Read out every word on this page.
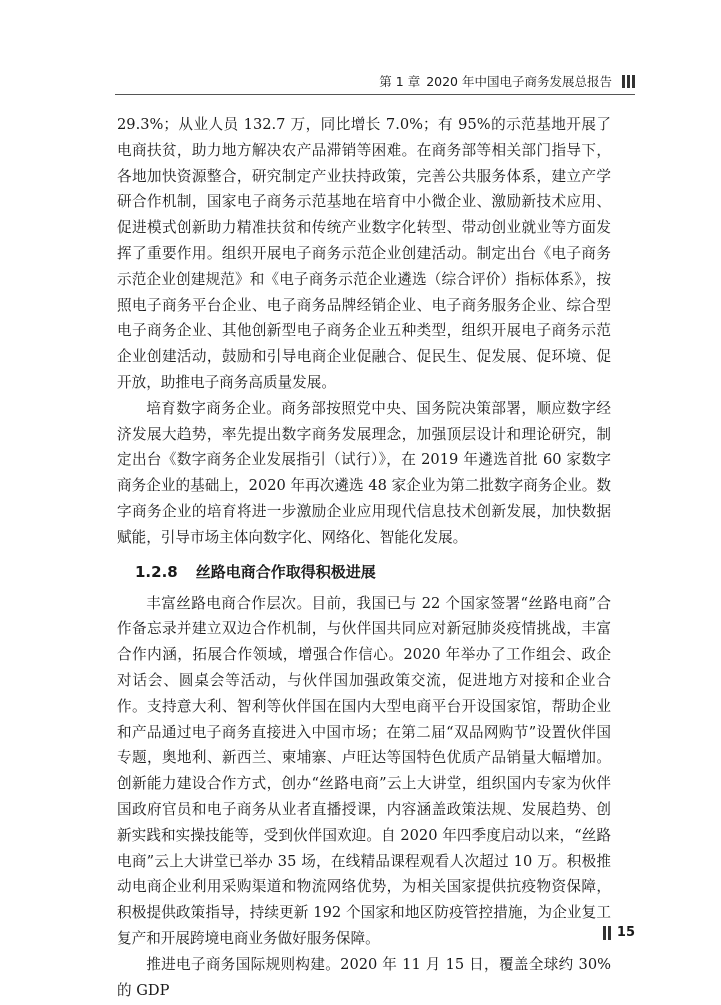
第 1 章 2020 年中国电子商务发展总报告

29.3%；从业人员 132.7 万，同比增长 7.0%；有 95%的示范基地开展了电商扶贫，助力地方解决农产品滞销等困难。在商务部等相关部门指导下，各地加快资源整合，研究制定产业扶持政策，完善公共服务体系，建立产学研合作机制，国家电子商务示范基地在培育中小微企业、激励新技术应用、促进模式创新助力精准扶贫和传统产业数字化转型、带动创业就业等方面发挥了重要作用。组织开展电子商务示范企业创建活动。制定出台《电子商务示范企业创建规范》和《电子商务示范企业遴选（综合评价）指标体系》，按照电子商务平台企业、电子商务品牌经销企业、电子商务服务企业、综合型电子商务企业、其他创新型电子商务企业五种类型，组织开展电子商务示范企业创建活动，鼓励和引导电商企业促融合、促民生、促发展、促环境、促开放，助推电子商务高质量发展。

培育数字商务企业。商务部按照党中央、国务院决策部署，顺应数字经济发展大趋势，率先提出数字商务发展理念，加强顶层设计和理论研究，制定出台《数字商务企业发展指引（试行）》，在 2019 年遴选首批 60 家数字商务企业的基础上，2020 年再次遴选 48 家企业为第二批数字商务企业。数字商务企业的培育将进一步激励企业应用现代信息技术创新发展，加快数据赋能，引导市场主体向数字化、网络化、智能化发展。

1.2.8 丝路电商合作取得积极进展

丰富丝路电商合作层次。目前，我国已与 22 个国家签署“丝路电商”合作备忘录并建立双边合作机制，与伙伴国共同应对新冠肺炎疫情挑战，丰富合作内涵，拓展合作领域，增强合作信心。2020 年举办了工作组会、政企对话会、圆桌会等活动，与伙伴国加强政策交流，促进地方对接和企业合作。支持意大利、智利等伙伴国在国内大型电商平台开设国家馆，帮助企业和产品通过电子商务直接进入中国市场；在第二届“双品网购节”设置伙伴国专题，奥地利、新西兰、柬埔寨、卢旺达等国特色优质产品销量大幅增加。创新能力建设合作方式，创办“丝路电商”云上大讲堂，组织国内专家为伙伴国政府官员和电子商务从业者直播授课，内容涵盖政策法规、发展趋势、创新实践和实操技能等，受到伙伴国欢迎。自 2020 年四季度启动以来，“丝路电商”云上大讲堂已举办 35 场，在线精品课程观看人次超过 10 万。积极推动电商企业利用采购渠道和物流网络优势，为相关国家提供抗疫物资保障，积极提供政策指导，持续更新 192 个国家和地区防疫管控措施，为企业复工复产和开展跨境电商业务做好服务保障。

推进电子商务国际规则构建。2020 年 11 月 15 日，覆盖全球约 30%的 GDP

15
